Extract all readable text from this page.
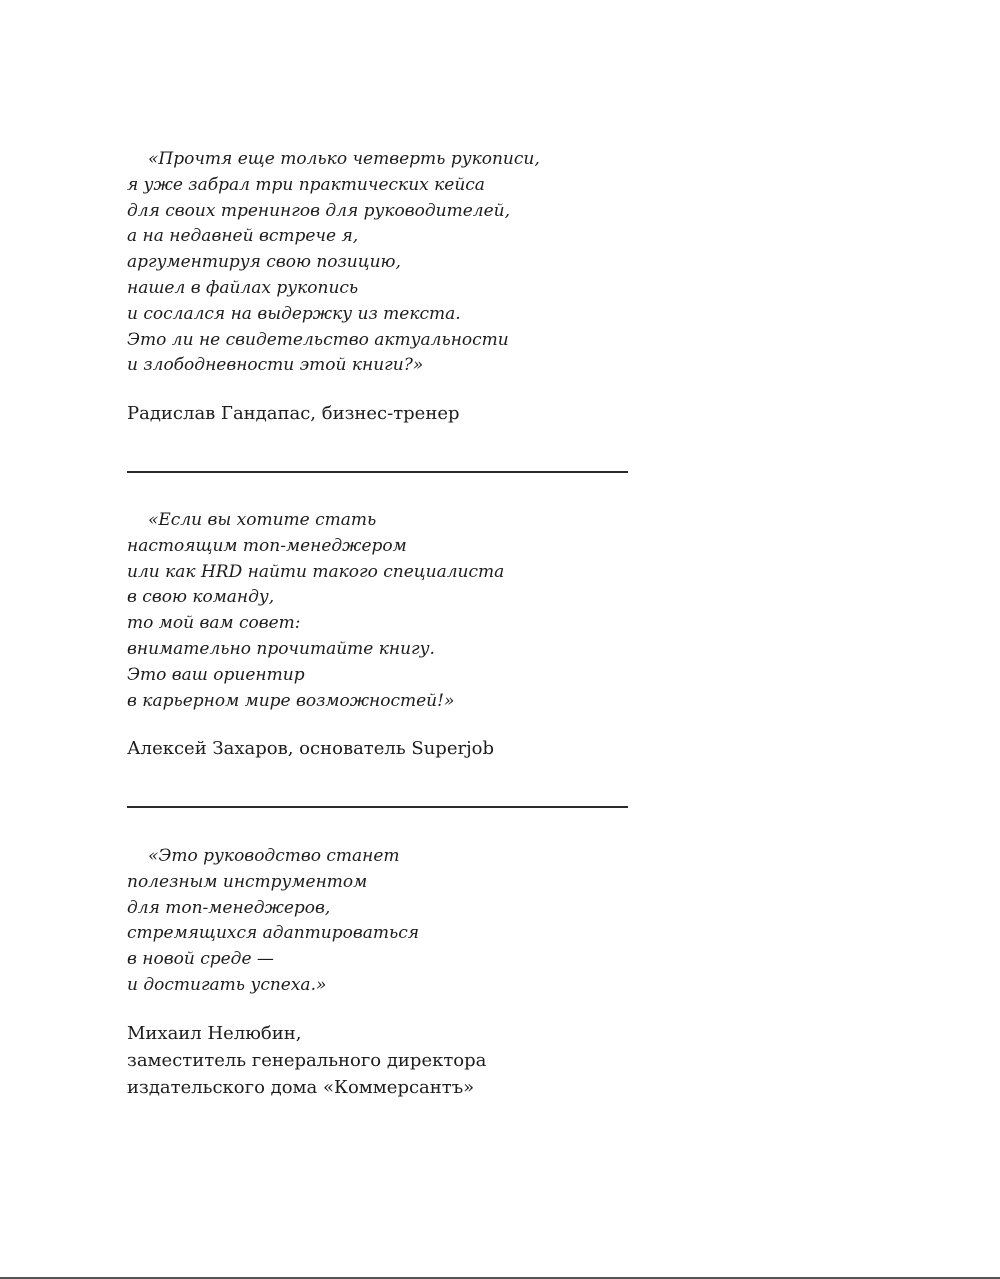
«Прочтя еще только четверть рукописи,
я уже забрал три практических кейса
для своих тренингов для руководителей,
а на недавней встрече я,
аргументируя свою позицию,
нашел в файлах рукопись
и сослался на выдержку из текста.
Это ли не свидетельство актуальности
и злободневности этой книги?»
Радислав Гандапас, бизнес-тренер
«Если вы хотите стать
настоящим топ-менеджером
или как HRD найти такого специалиста
в свою команду,
то мой вам совет:
внимательно прочитайте книгу.
Это ваш ориентир
в карьерном мире возможностей!»
Алексей Захаров, основатель Superjob
«Это руководство станет
полезным инструментом
для топ-менеджеров,
стремящихся адаптироваться
в новой среде —
и достигать успеха.»
Михаил Нелюбин,
заместитель генерального директора
издательского дома «Коммерсантъ»
